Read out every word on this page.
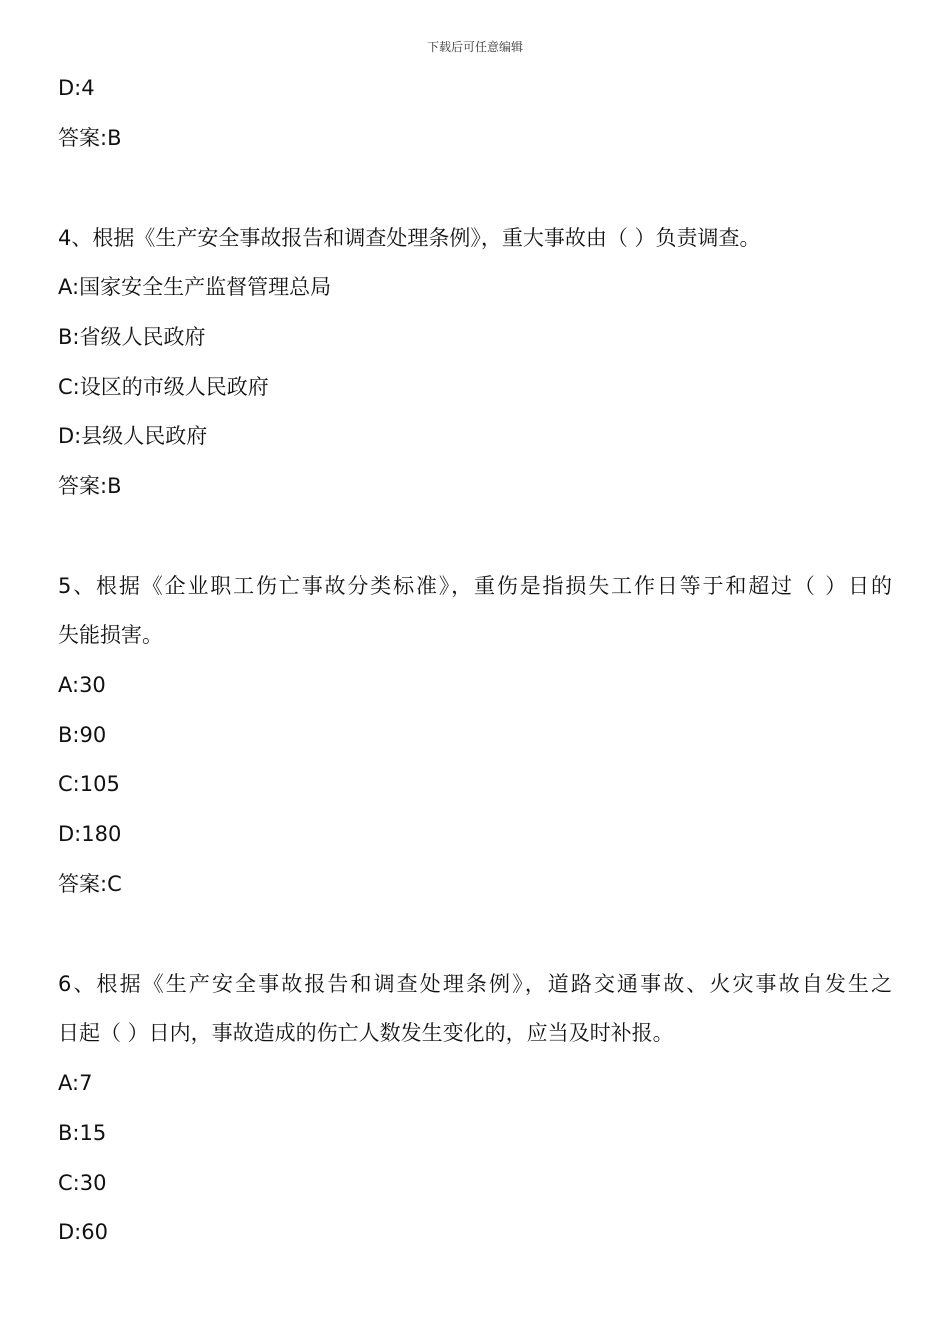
下载后可任意编辑
D:4
答案:B
4、根据《生产安全事故报告和调查处理条例》，重大事故由（ ）负责调查。
A:国家安全生产监督管理总局
B:省级人民政府
C:设区的市级人民政府
D:县级人民政府
答案:B
5、根据《企业职工伤亡事故分类标准》，重伤是指损失工作日等于和超过（ ）日的
失能损害。
A:30
B:90
C:105
D:180
答案:C
6、根据《生产安全事故报告和调查处理条例》，道路交通事故、火灾事故自发生之
日起（ ）日内，事故造成的伤亡人数发生变化的，应当及时补报。
A:7
B:15
C:30
D:60
